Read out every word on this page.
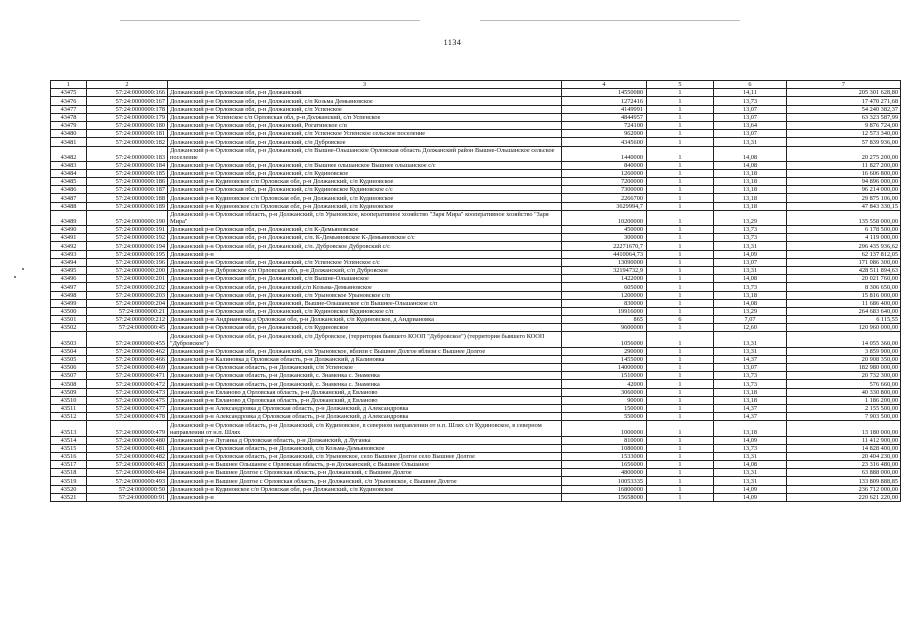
1134
1	2	3	4	5	6	7
43475	57:24:0000000:166	Должанский р-н Орловская обл, р-н Должанский	14550080	1	14,11	205 301 628,80
43476	57:24:0000000:167	Должанский р-н Орловская обл, р-н Должанский, с/п Козьма Демьяновское	1272416	1	13,73	17 470 271,68
43477	57:24:0000000:178	Должанский р-н Орловская обл, р-н Должанский, с/п Успенское	4149991	1	13,07	54 240 382,37
43478	57:24:0000000:179	Должанский р-н Успенское с/п Орловская обл, р-н Должанский, с/п Успенское	4844957	1	13,07	63 323 587,99
43479	57:24:0000000:180	Должанский р-н Орловская обл, р-н Должанский, Рогатинское с/п	724100	1	13,64	9 876 724,00
43480	57:24:0000000:181	Должанский р-н Орловская обл, р-н Должанский, с/п Успенское Успенское сельское поселение	962000	1	13,07	12 573 340,00
43481	57:24:0000000:182	Должанский р-н Орловская обл, р-н Должанский, с/п Дубровское	4345600	1	13,31	57 839 936,00
43482	57:24:0000000:183	Должанский р-н Орловская обл, р-н Должанский, с/п Вышне-Ольшанское Орловская область Должанский район Вышне-Ольшанское сельское поселение	1440000	1	14,08	20 275 200,00
43483	57:24:0000000:184	Должанский р-н Орловская обл, р-н Должанский, с/п Вышнее ольшанское Вышнее ольшанское с/с	840000	1	14,08	11 827 200,00
43484	57:24:0000000:185	Должанский р-н Орловская обл, р-н Должанский, с/п Кудиновское	1260000	1	13,18	16 606 800,00
43485	57:24:0000000:186	Должанский р-н Кудиновское с/п Орловская обл, р-н Должанский, с/п Кудиновское	7200000	1	13,18	94 896 000,00
43486	57:24:0000000:187	Должанский р-н Орловская обл, р-н Должанский, с/п Кудиновское Кудиновское с/с	7300000	1	13,18	96 214 000,00
43487	57:24:0000000:188	Должанский р-н Кудиновское с/п Орловская обл, р-н Должанский, с/п Кудиновское	2266700	1	13,18	29 875 106,00
43488	57:24:0000000:189	Должанский р-н Кудиновское с/п Орловская обл, р-н Должанский, с/п Кудиновское	3629994,7	1	13,18	47 843 330,15
43489	57:24:0000000:190	Должанский р-н Орловская область, р-н Должанский, с/п Урыновское, кооперативное хозяйство "Заря Мира" кооперативное хозяйство "Заря Мира"	10200000	1	13,29	135 558 000,00
43490	57:24:0000000:191	Должанский р-н Орловская обл, р-н Должанский, с/п К-Демьяновское	450000	1	13,73	6 178 500,00
43491	57:24:0000000:192	Должанский р-н Орловская обл, р-н Должанский, с/п. К-Демьяновское К-Демьяновское с/с	300000	1	13,73	4 119 000,00
43492	57:24:0000000:194	Должанский р-н Орловская обл, р-н Должанский, с/п. Дубровское Дубровский с/с	22271670,7	1	13,31	296 435 936,62
43493	57:24:0000000:195	Должанский р-н	4410064,73	1	14,09	62 137 812,05
43494	57:24:0000000:196	Должанский р-н Орловская обл, р-н Должанский, с/п Успенское Успенское с/с	13090000	1	13,07	171 086 300,00
43495	57:24:0000000:200	Должанский р-н Дубровское с/п Орловская обл, р-н Должанский, с/п Дубровское	32194732,9	1	13,31	428 511 894,63
43496	57:24:0000000:201	Должанский р-н Орловская обл, р-н Должанский, с/п Вышне-Ольшанское	1422000	1	14,08	20 021 760,00
43497	57:24:0000000:202	Должанский р-н Орловская обл, р-н Должанский,с/п Козьма-Демьяновское	605000	1	13,73	8 306 650,00
43498	57:24:0000000:203	Должанский р-н Орловская обл, р-н Должанский, с/п Урыновское Урыновское с/п	1200000	1	13,18	15 816 000,00
43499	57:24:0000000:204	Должанский р-н Орловская обл, р-н Должанский, Вышне-Ольшанское с/п Вышнее-Ольшанское с/п	830000	1	14,08	11 686 400,00
43500	57:24:0000000:21	Должанский р-н Орловская обл, р-н Должанский, с/п Кудиновское Кудиновское с/п	19916000	1	13,29	264 683 640,00
43501	57:24:0000000:212	Должанский р-н Андриановка д Орловская обл, р-н Должанский, с/п Кудиновское, д Андриановка	865	6	7,07	6 115,55
43502	57:24:0000000:45	Должанский р-н Орловская обл, р-н Должанский, с/п Кудиновское	9600000	1	12,60	120 960 000,00
43503	57:24:0000000:455	Должанский р-н Орловская обл, р-н Должанский, с/п Дубровское, (территория бывшего КООП "Дубровское") (территория бывшего КООП "Дубровское")	1056000	1	13,31	14 055 360,00
43504	57:24:0000000:462	Должанский р-н Орловская обл, р-н Должанский, с/п Урыновское, вблизи с Вышнее Долгое вблизи с Вышнее Долгое	290000	1	13,31	3 859 900,00
43505	57:24:0000000:466	Должанский р-н Калиновка д Орловская область, р-н Должанский, д Калиновка	1455000	1	14,37	20 908 350,00
43506	57:24:0000000:469	Должанский р-н Орловская область, р-н Должанский, с/п Успенское	14000000	1	13,07	182 980 000,00
43507	57:24:0000000:471	Должанский р-н Орловская область, р-н Должанский, с. Знаменка с. Знаменка	1510000	1	13,73	20 732 300,00
43508	57:24:0000000:472	Должанский р-н Орловская область, р-н Должанский, с. Знаменка с. Знаменка	42000	1	13,73	576 660,00
43509	57:24:0000000:473	Должанский р-н Евланово д Орловская область, р-н Должанский, д Евланово	3060000	1	13,18	40 330 800,00
43510	57:24:0000000:475	Должанский р-н Евланово д Орловская область, р-н Должанский, д Евланово	90000	1	13,18	1 186 200,00
43511	57:24:0000000:477	Должанский р-н Александровка д Орловская область, р-н Должанский, д Александровка	150000	1	14,37	2 155 500,00
43512	57:24:0000000:478	Должанский р-н Александровка д Орловская область, р-н Должанский, д Александровка	550000	1	14,37	7 903 500,00
43513	57:24:0000000:479	Должанский р-н Орловская область, р-н Должанский, с/п Кудиновское, в северном направлении от н.п. Шлях с/п Кудиновское, в северном направлении от н.п. Шлях	1000000	1	13,18	13 180 000,00
43514	57:24:0000000:480	Должанский р-н Луганка д Орловская область, р-н Должанский, д Луганка	810000	1	14,09	11 412 900,00
43515	57:24:0000000:481	Должанский р-н Орловская область, р-н Должанский, с/п Козьма-Демьяновское	1080000	1	13,73	14 828 400,00
43516	57:24:0000000:482	Должанский р-н Орловская область, р-н Должанский, с/п Урыновское, село Вышнее Долгое село Вышнее Долгое	1533000	1	13,31	20 404 230,00
43517	57:24:0000000:483	Должанский р-н Вышнее Ольшаное с Орловская область, р-н Должанский, с Вышнее Ольшаное	1656000	1	14,08	23 316 480,00
43518	57:24:0000000:484	Должанский р-н Вышнее Долгое с Орловская область, р-н Должанский, с Вышнее Долгое	4800000	1	13,31	63 888 000,00
43519	57:24:0000000:493	Должанский р-н Вышнее Долгое с Орловская область, р-н Должанский, с/п Урыновское, с Вышнее Долгое	10053335	1	13,31	133 809 888,85
43520	57:24:0000000:50	Должанский р-н Кудиновское с/п Орловская обл, р-н Должанский, с/п Кудиновское	16800000	1	14,09	236 712 000,00
43521	57:24:0000000:91	Должанский р-н	15658000	1	14,09	220 621 220,00
